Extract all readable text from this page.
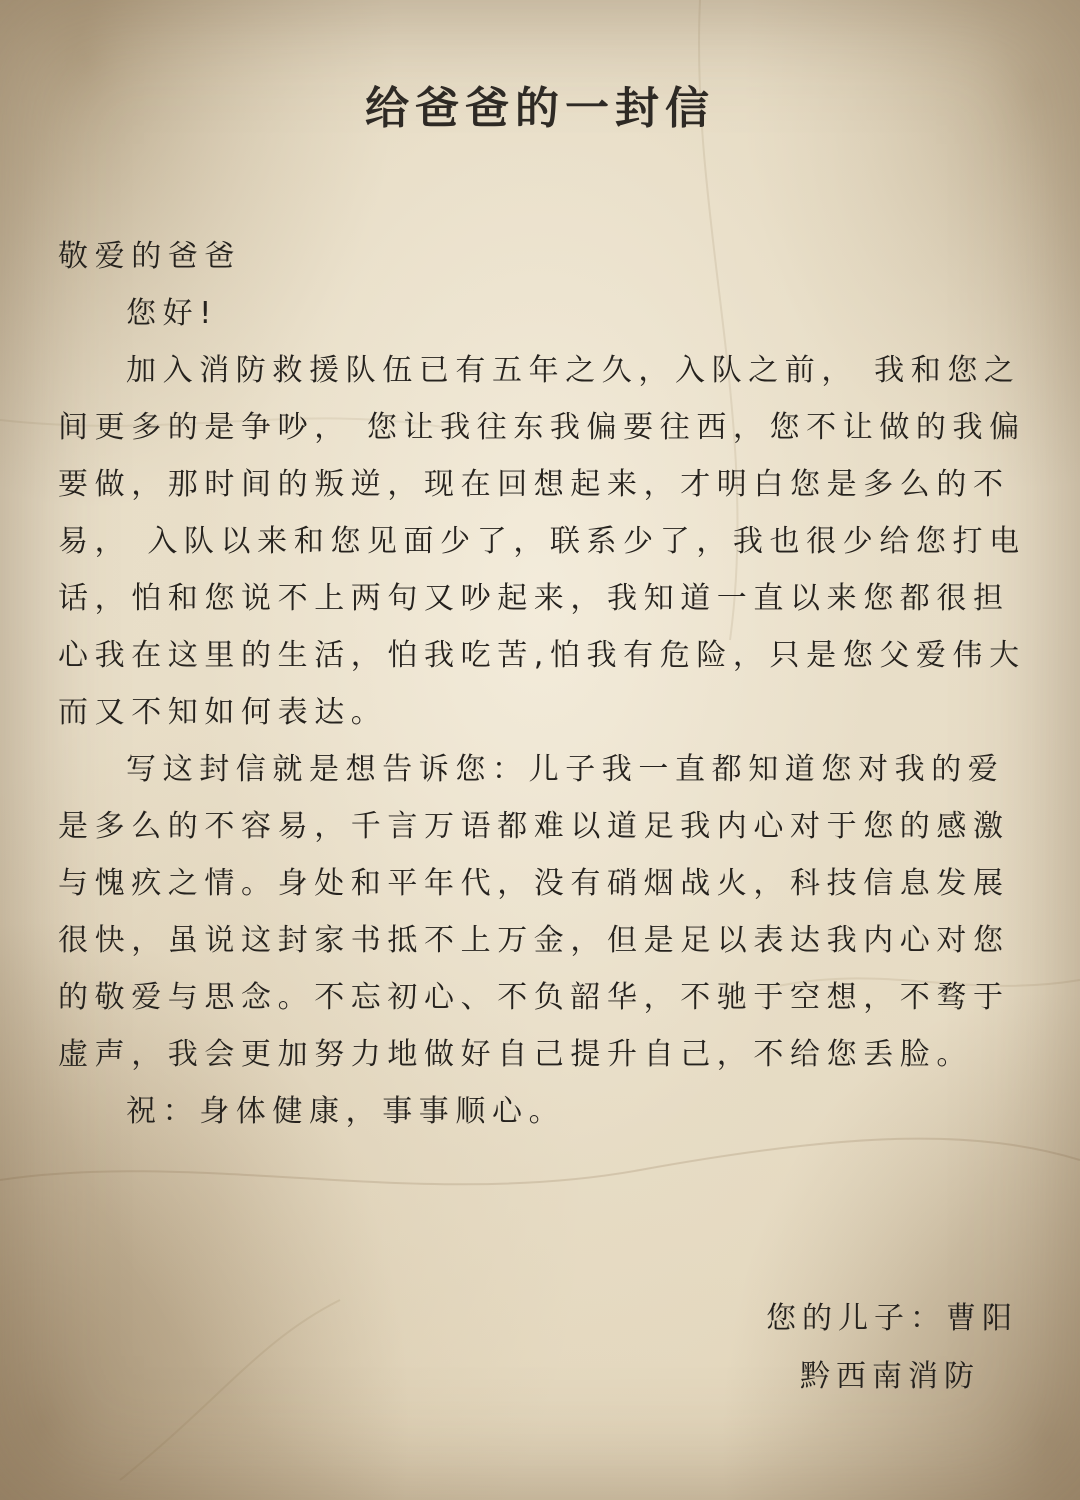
给爸爸的一封信

敬爱的爸爸

您好!

加入消防救援队伍已有五年之久，入队之前， 我和您之间更多的是争吵， 您让我往东我偏要往西，您不让做的我偏要做，那时间的叛逆，现在回想起来，才明白您是多么的不易， 入队以来和您见面少了，联系少了，我也很少给您打电话，怕和您说不上两句又吵起来，我知道一直以来您都很担心我在这里的生活，怕我吃苦,怕我有危险，只是您父爱伟大而又不知如何表达。

写这封信就是想告诉您：儿子我一直都知道您对我的爱是多么的不容易，千言万语都难以道足我内心对于您的感激与愧疚之情。身处和平年代，没有硝烟战火，科技信息发展很快，虽说这封家书抵不上万金，但是足以表达我内心对您的敬爱与思念。不忘初心、不负韶华，不驰于空想，不骛于虚声，我会更加努力地做好自己提升自己，不给您丢脸。

祝：身体健康，事事顺心。

您的儿子：曹阳
黔西南消防
